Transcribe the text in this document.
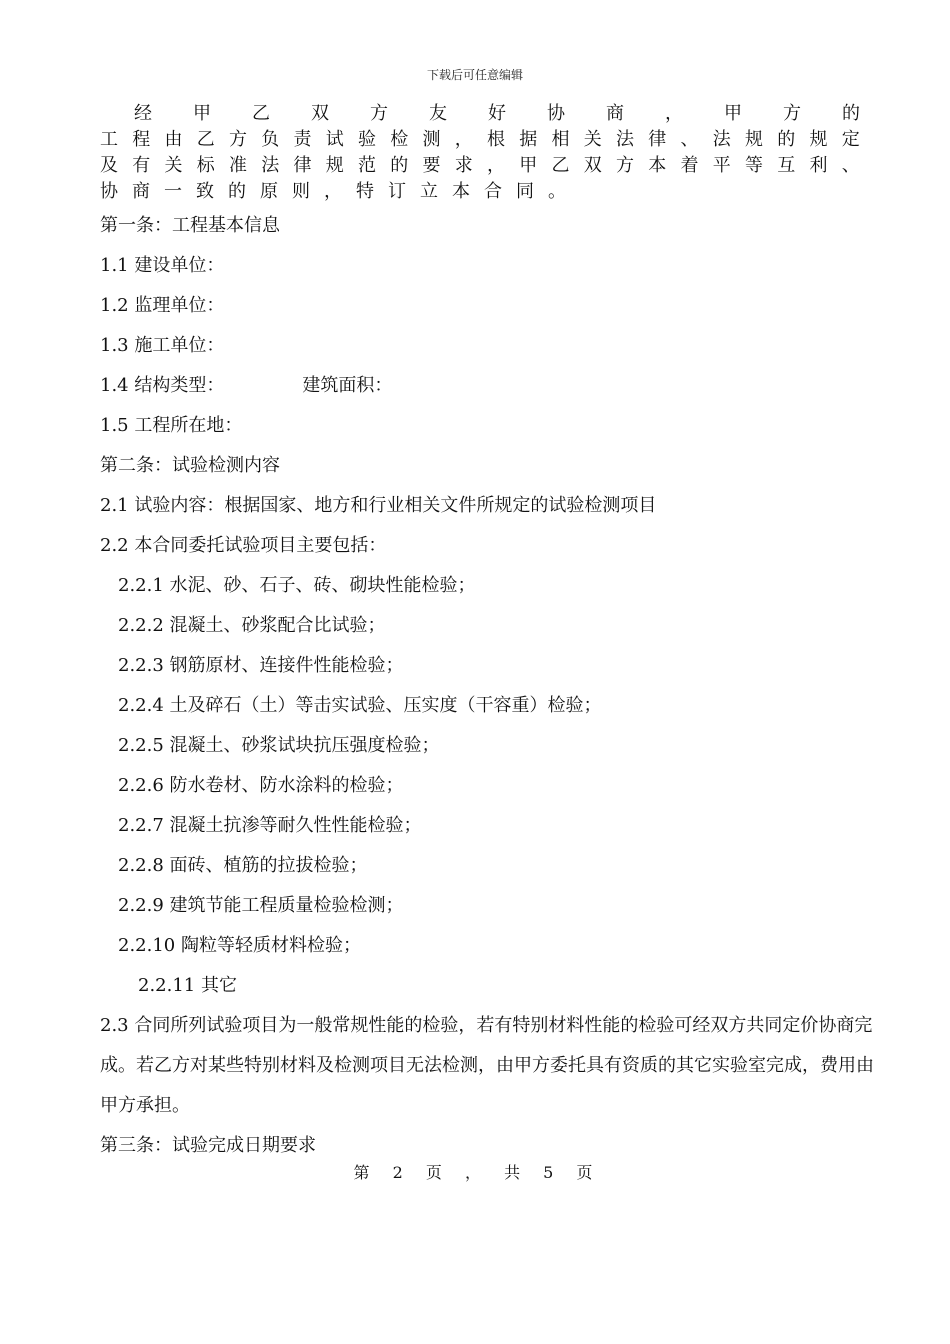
下载后可任意编辑
经 甲 乙 双 方 友 好 协 商 ， 甲 方 的
工 程 由 乙 方 负 责 试 验 检 测 ， 根 据 相 关 法 律 、 法 规 的 规 定
及 有 关 标 准 法 律 规 范 的 要 求 ， 甲 乙 双 方 本 着 平 等 互 利 、
协 商 一 致 的 原 则 ， 特 订 立 本 合 同 。
第一条：工程基本信息
1.1 建设单位：
1.2 监理单位：
1.3 施工单位：
1.4 结构类型：	建筑面积：
1.5 工程所在地：
第二条：试验检测内容
2.1 试验内容：根据国家、地方和行业相关文件所规定的试验检测项目
2.2 本合同委托试验项目主要包括：
2.2.1 水泥、砂、石子、砖、砌块性能检验；
2.2.2 混凝土、砂浆配合比试验；
2.2.3 钢筋原材、连接件性能检验；
2.2.4 土及碎石（土）等击实试验、压实度（干容重）检验；
2.2.5 混凝土、砂浆试块抗压强度检验；
2.2.6 防水卷材、防水涂料的检验；
2.2.7 混凝土抗渗等耐久性性能检验；
2.2.8 面砖、植筋的拉拔检验；
2.2.9 建筑节能工程质量检验检测；
2.2.10 陶粒等轻质材料检验；
2.2.11 其它
2.3 合同所列试验项目为一般常规性能的检验，若有特别材料性能的检验可经双方共同定价协商完成。若乙方对某些特别材料及检测项目无法检测，由甲方委托具有资质的其它实验室完成，费用由甲方承担。
第三条：试验完成日期要求
第 2 页 ， 共 5 页
